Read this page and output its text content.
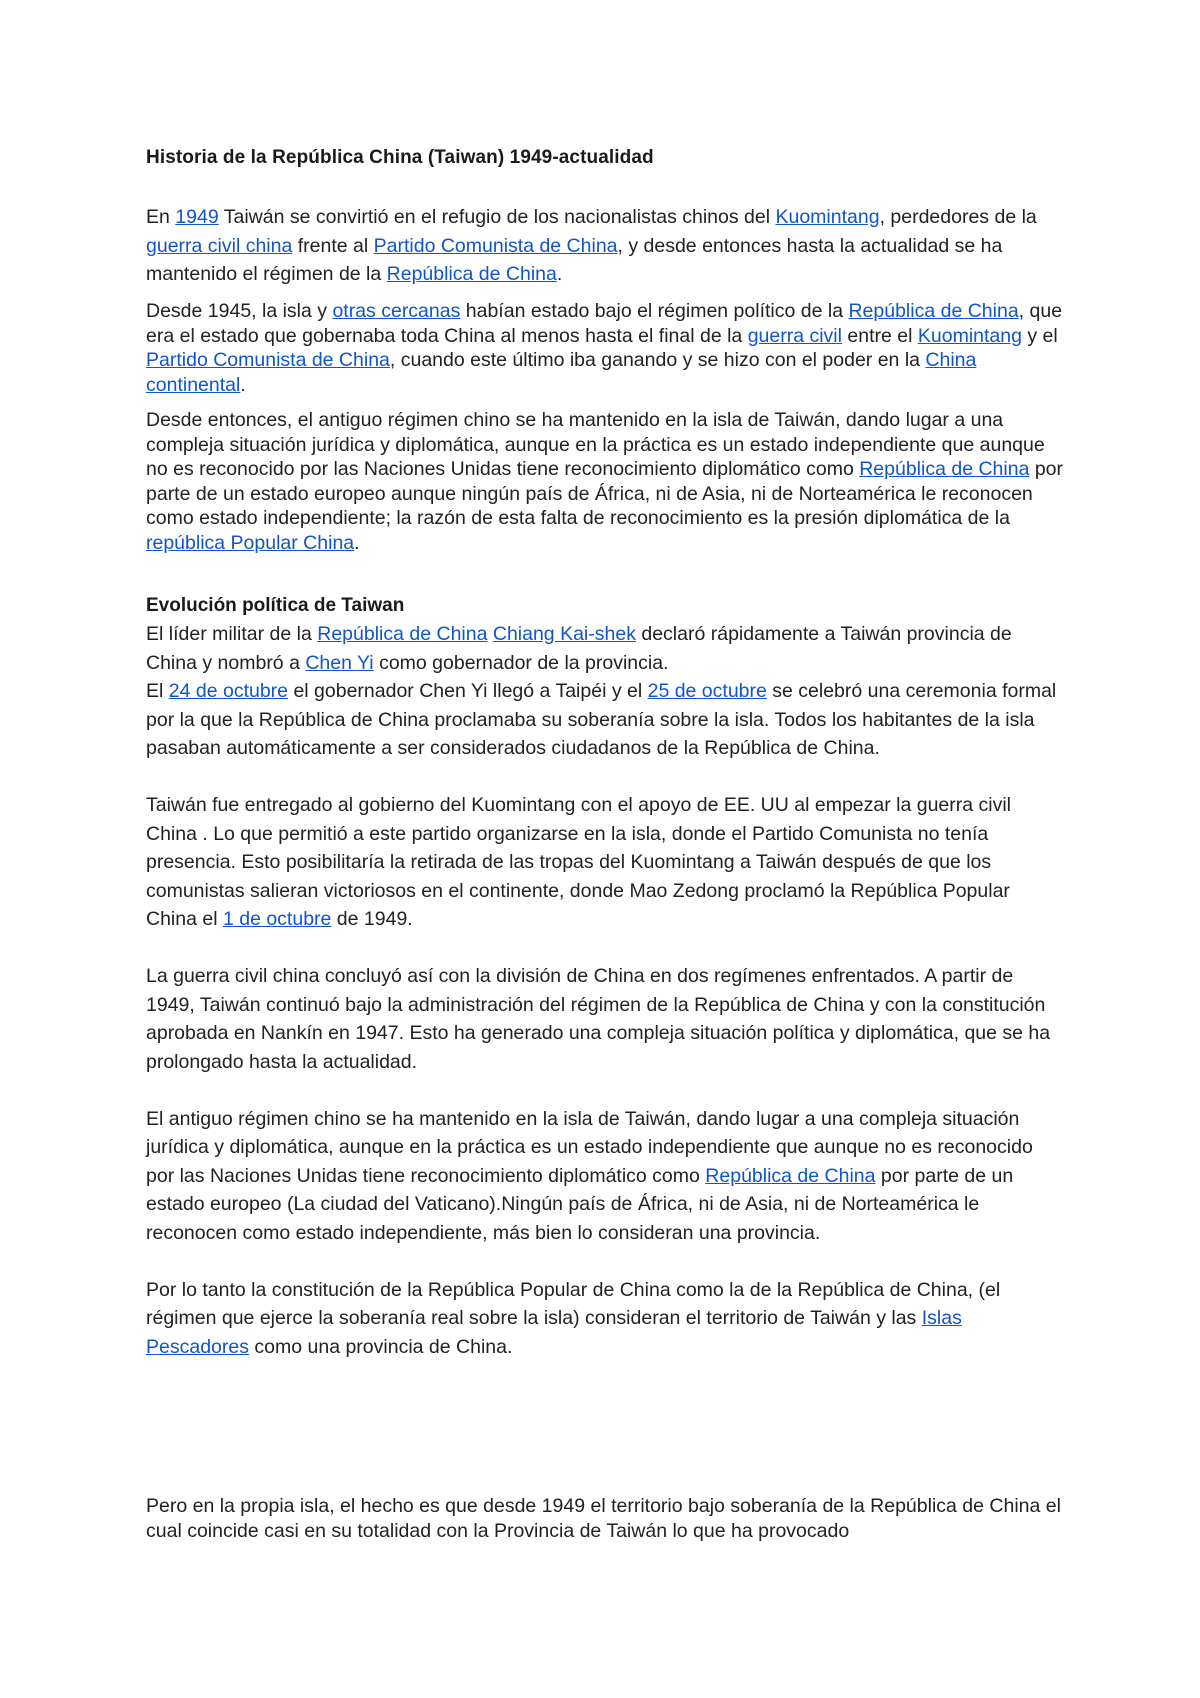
Historia de la República China (Taiwan) 1949-actualidad

En 1949 Taiwán se convirtió en el refugio de los nacionalistas chinos del Kuomintang, perdedores de la guerra civil china frente al Partido Comunista de China, y desde entonces hasta la actualidad se ha mantenido el régimen de la República de China.

Desde 1945, la isla y otras cercanas habían estado bajo el régimen político de la República de China, que era el estado que gobernaba toda China al menos hasta el final de la guerra civil entre el Kuomintang y el Partido Comunista de China, cuando este último iba ganando y se hizo con el poder en la China continental.

Desde entonces, el antiguo régimen chino se ha mantenido en la isla de Taiwán, dando lugar a una compleja situación jurídica y diplomática, aunque en la práctica es un estado independiente que aunque no es reconocido por las Naciones Unidas tiene reconocimiento diplomático como República de China por parte de un estado europeo aunque ningún país de África, ni de Asia, ni de Norteamérica le reconocen como estado independiente; la razón de esta falta de reconocimiento es la presión diplomática de la república Popular China.

Evolución política de Taiwan

El líder militar de la República de China Chiang Kai-shek declaró rápidamente a Taiwán provincia de China y nombró a Chen Yi como gobernador de la provincia.

El 24 de octubre el gobernador Chen Yi llegó a Taipéi y el 25 de octubre se celebró una ceremonia formal por la que la República de China proclamaba su soberanía sobre la isla. Todos los habitantes de la isla pasaban automáticamente a ser considerados ciudadanos de la República de China.

Taiwán fue entregado al gobierno del Kuomintang con el apoyo de EE. UU al empezar la guerra civil China . Lo que permitió a este partido organizarse en la isla, donde el Partido Comunista no tenía presencia. Esto posibilitaría la retirada de las tropas del Kuomintang a Taiwán después de que los comunistas salieran victoriosos en el continente, donde Mao Zedong proclamó la República Popular China el 1 de octubre de 1949.

La guerra civil china concluyó así con la división de China en dos regímenes enfrentados. A partir de 1949, Taiwán continuó bajo la administración del régimen de la República de China y con la constitución aprobada en Nankín en 1947. Esto ha generado una compleja situación política y diplomática, que se ha prolongado hasta la actualidad.

El antiguo régimen chino se ha mantenido en la isla de Taiwán, dando lugar a una compleja situación jurídica y diplomática, aunque en la práctica es un estado independiente que aunque no es reconocido por las Naciones Unidas tiene reconocimiento diplomático como República de China por parte de un estado europeo (La ciudad del Vaticano).Ningún país de África, ni de Asia, ni de Norteamérica le reconocen como estado independiente, más bien lo consideran una provincia.

Por lo tanto la constitución de la República Popular de China como la de la República de China, (el régimen que ejerce la soberanía real sobre la isla) consideran el territorio de Taiwán y las Islas Pescadores como una provincia de China.

Pero en la propia isla, el hecho es que desde 1949 el territorio bajo soberanía de la República de China el cual coincide casi en su totalidad con la Provincia de Taiwán lo que ha provocado
